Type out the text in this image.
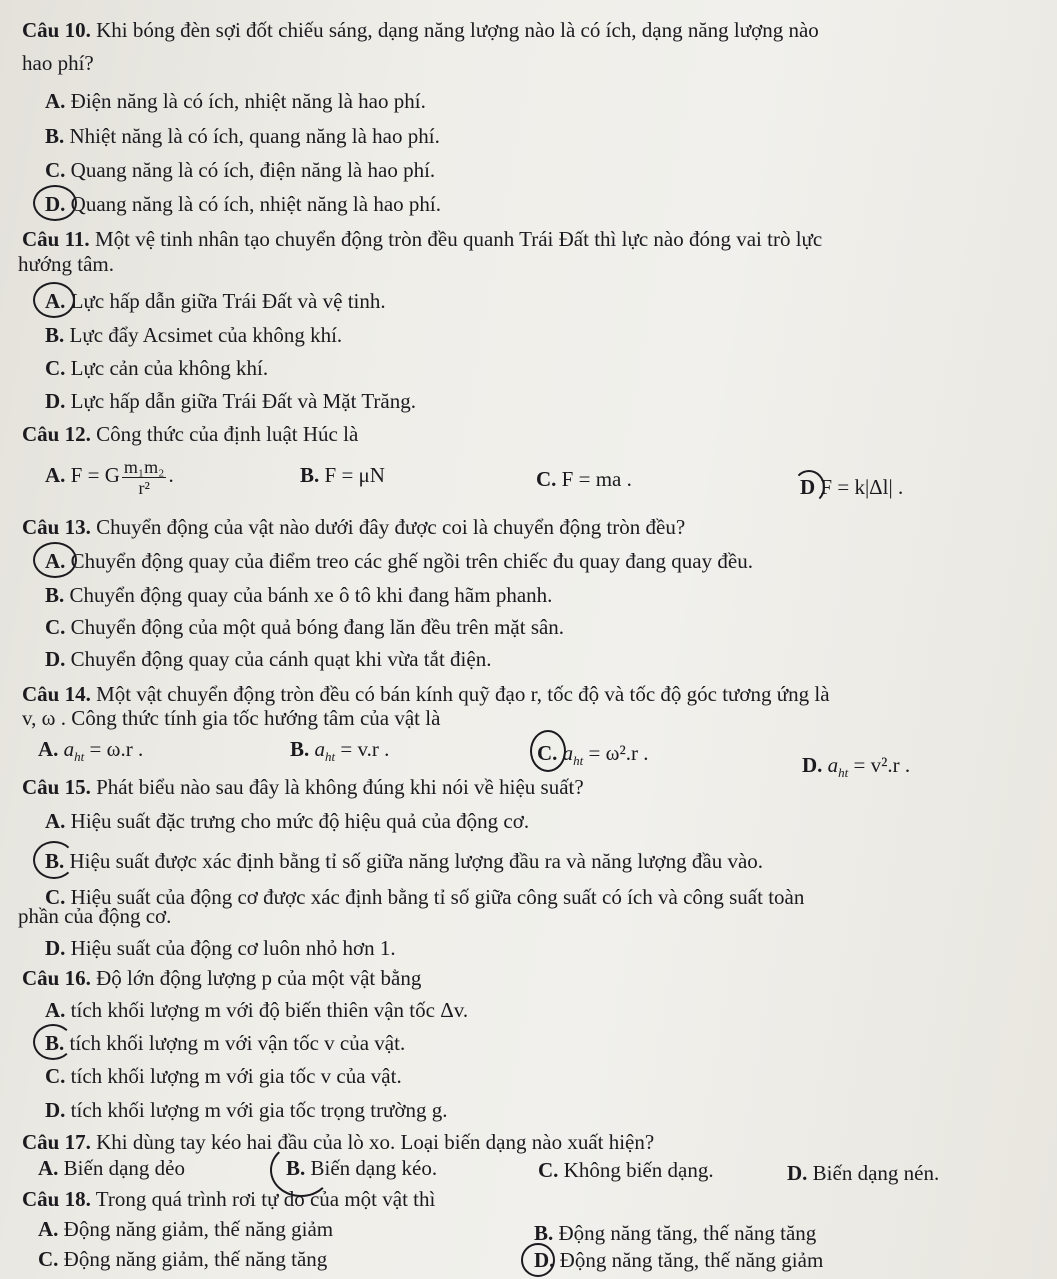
Câu 10. Khi bóng đèn sợi đốt chiếu sáng, dạng năng lượng nào là có ích, dạng năng lượng nào
hao phí?
A. Điện năng là có ích, nhiệt năng là hao phí.
B. Nhiệt năng là có ích, quang năng là hao phí.
C. Quang năng là có ích, điện năng là hao phí.
D. Quang năng là có ích, nhiệt năng là hao phí.
Câu 11. Một vệ tinh nhân tạo chuyển động tròn đều quanh Trái Đất thì lực nào đóng vai trò lực
hướng tâm.
A. Lực hấp dẫn giữa Trái Đất và vệ tinh.
B. Lực đẩy Acsimet của không khí.
C. Lực cản của không khí.
D. Lực hấp dẫn giữa Trái Đất và Mặt Trăng.
Câu 12. Công thức của định luật Húc là
A. F = G $\frac{\text{m₁m₂}}{\text{r²}}$ .	B. F = μN	C. F = ma .	D F = k|Δl| .
Câu 13. Chuyển động của vật nào dưới đây được coi là chuyển động tròn đều?
A. Chuyển động quay của điểm treo các ghế ngồi trên chiếc đu quay đang quay đều.
B. Chuyển động quay của bánh xe ô tô khi đang hãm phanh.
C. Chuyển động của một quả bóng đang lăn đều trên mặt sân.
D. Chuyển động quay của cánh quạt khi vừa tắt điện.
Câu 14. Một vật chuyển động tròn đều có bán kính quỹ đạo r, tốc độ và tốc độ góc tương ứng là
v, ω . Công thức tính gia tốc hướng tâm của vật là
A. $a_{ht} = \omega.r$ .	B. $a_{ht} = v.r$ .	C. $a_{ht} = \omega^2.r$ .	D. $a_{ht} = v^2.r$ .
Câu 15. Phát biểu nào sau đây là không đúng khi nói về hiệu suất?
A. Hiệu suất đặc trưng cho mức độ hiệu quả của động cơ.
B. Hiệu suất được xác định bằng tỉ số giữa năng lượng đầu ra và năng lượng đầu vào.
C. Hiệu suất của động cơ được xác định bằng tỉ số giữa công suất có ích và công suất toàn
phần của động cơ.
D. Hiệu suất của động cơ luôn nhỏ hơn 1.
Câu 16. Độ lớn động lượng p của một vật bằng
A. tích khối lượng m với độ biến thiên vận tốc Δv.
B. tích khối lượng m với vận tốc v của vật.
C. tích khối lượng m với gia tốc v của vật.
D. tích khối lượng m với gia tốc trọng trường g.
Câu 17. Khi dùng tay kéo hai đầu của lò xo. Loại biến dạng nào xuất hiện?
A. Biến dạng dẻo	B. Biến dạng kéo.	C. Không biến dạng.	D. Biến dạng nén.
Câu 18. Trong quá trình rơi tự do của một vật thì
A. Động năng giảm, thế năng giảm	B. Động năng tăng, thế năng tăng
C. Động năng giảm, thế năng tăng	D. Động năng tăng, thế năng giảm
